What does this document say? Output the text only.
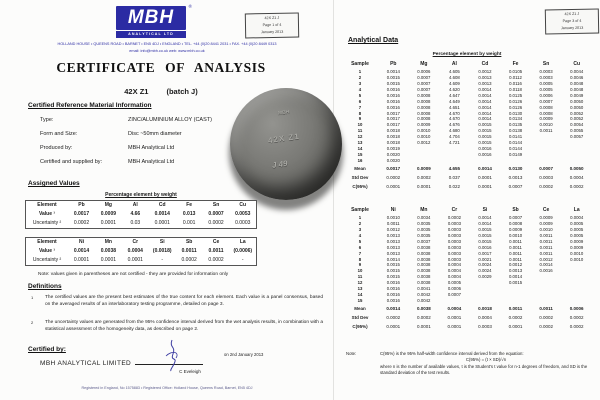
MBH
ANALYTICAL LTD
®
42X Z1 J
Page 1 of 4
January 2013
HOLLAND HOUSE • QUEENS ROAD • BARNET • EN5 4DJ • ENGLAND • TEL. +44 (0)20 8441 2031 • FAX. +44 (0)20 8449 0313
email: info@mbh.co.uk web: www.mbh.co.uk
CERTIFICATE OF ANALYSIS
42X Z1 (batch J)
Certified Reference Material Information
Type:	ZINC/ALUMINIUM ALLOY (CAST)
Form and Size:	Disc ~50mm diameter
Produced by:	MBH Analytical Ltd
Certified and supplied by:	MBH Analytical Ltd
MBH
42X Z1
J 49
Assigned Values
Percentage element by weight
Element	Pb	Mg	Al	Cd	Fe	Sn	Cu
Value ¹	0.0017	0.0009	4.66	0.0014	0.013	0.0007	0.0053
Uncertainty ²	0.0002	0.0001	0.03	0.0001	0.001	0.0002	0.0003
Element	Ni	Mn	Cr	Si	Sb	Ce	La
Value ¹	0.0014	0.0038	0.0004	(0.0018)	0.0011	0.0011	(0.0006)
Uncertainty ²	0.0001	0.0001	0.0001	-	0.0002	0.0002	-
Note: values given in parentheses are not certified - they are provided for information only
Definitions
1	The certified values are the present best estimates of the true content for each element. Each value is a panel consensus, based on the averaged results of an interlaboratory testing programme, detailed on page 3.
2	The uncertainty values are generated from the 95% confidence interval derived from the wet analysis results, in combination with a statistical assessment of the homogeneity data, as described on page 2.
Certified by:
MBH ANALYTICAL LIMITED
on 2nd January 2013
C Eveleigh
Registered in England, No 1575883 • Registered Office: Holland House, Queens Road, Barnet, EN5 4DJ
42X Z1 J
Page 3 of 4
January 2013
Analytical Data
Percentage element by weight
Sample	Pb	Mg	Al	Cd	Fe	Sn	Cu
1	0.0014	0.0006	4.605	0.0012	0.0105	0.0003	0.0044
2	0.0015	0.0007	4.608	0.0013	0.0112	0.0003	0.0046
3	0.0015	0.0007	4.609	0.0013	0.0116	0.0005	0.0048
4	0.0016	0.0007	4.620	0.0014	0.0118	0.0005	0.0048
5	0.0016	0.0008	4.647	0.0014	0.0125	0.0006	0.0049
6	0.0016	0.0008	4.649	0.0014	0.0126	0.0007	0.0050
7	0.0016	0.0008	4.651	0.0014	0.0126	0.0008	0.0050
8	0.0017	0.0008	4.670	0.0014	0.0130	0.0008	0.0052
9	0.0017	0.0008	4.670	0.0014	0.0134	0.0009	0.0052
10	0.0017	0.0009	4.676	0.0015	0.0135	0.0010	0.0054
11	0.0018	0.0010	4.680	0.0015	0.0138	0.0011	0.0055
12	0.0018	0.0010	4.704	0.0015	0.0141		0.0057
13	0.0018	0.0012	4.721	0.0015	0.0144		
14	0.0019			0.0016	0.0144		
15	0.0020			0.0016	0.0149		
16	0.0020						
Mean	0.0017	0.0009	4.655	0.0014	0.0130	0.0007	0.0050
Std Dev	0.0002	0.0002	0.037	0.0001	0.0013	0.0003	0.0004
C(95%)	0.0001	0.0001	0.022	0.0001	0.0007	0.0002	0.0002
Sample	Ni	Mn	Cr	Si	Sb	Ce	La
1	0.0010	0.0034	0.0002	0.0014	0.0007	0.0009	0.0004
2	0.0011	0.0035	0.0003	0.0014	0.0008	0.0009	0.0005
3	0.0012	0.0035	0.0003	0.0015	0.0009	0.0010	0.0005
4	0.0013	0.0035	0.0003	0.0015	0.0010	0.0011	0.0005
5	0.0013	0.0037	0.0003	0.0015	0.0011	0.0011	0.0009
6	0.0013	0.0038	0.0003	0.0016	0.0011	0.0011	0.0009
7	0.0013	0.0038	0.0003	0.0017	0.0011	0.0011	0.0010
8	0.0014	0.0038	0.0003	0.0021	0.0011	0.0012	0.0010
9	0.0015	0.0038	0.0004	0.0024	0.0012	0.0014	
10	0.0015	0.0038	0.0004	0.0024	0.0013	0.0016	
11	0.0015	0.0038	0.0004	0.0029	0.0014		
12	0.0016	0.0038	0.0005		0.0015		
13	0.0016	0.0041	0.0006				
14	0.0016	0.0042	0.0007				
15	0.0016	0.0042					
Mean	0.0014	0.0038	0.0004	0.0018	0.0011	0.0011	0.0006
Std Dev	0.0002	0.0002	0.0001	0.0004	0.0002	0.0002	0.0002
C(95%)	0.0001	0.0001	0.0001	0.0003	0.0001	0.0002	0.0002
Note:	C(95%) is the 95% half-width confidence interval derived from the equation:
C(95%) = (t × SD)/√n
where n is the number of available values, t is the Student's t value for n-1 degrees of freedom, and SD is the standard deviation of the test results.
